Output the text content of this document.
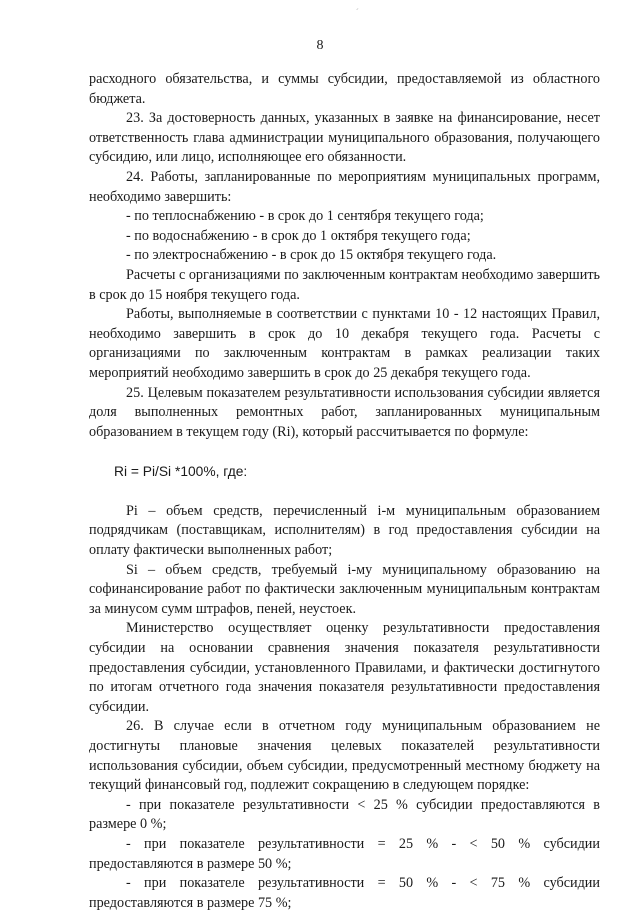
8
´

расходного обязательства, и суммы субсидии, предоставляемой из областного бюджета.

23. За достоверность данных, указанных в заявке на финансирование, несет ответственность глава администрации муниципального образования, получающего субсидию, или лицо, исполняющее его обязанности.

24. Работы, запланированные по мероприятиям муниципальных программ, необходимо завершить:

- по теплоснабжению - в срок до 1 сентября текущего года;

- по водоснабжению - в срок до 1 октября текущего года;

- по электроснабжению - в срок до 15 октября текущего года.

Расчеты с организациями по заключенным контрактам необходимо завершить в срок до 15 ноября текущего года.

Работы, выполняемые в соответствии с пунктами 10 - 12 настоящих Правил, необходимо завершить в срок до 10 декабря текущего года. Расчеты с организациями по заключенным контрактам в рамках реализации таких мероприятий необходимо завершить в срок до 25 декабря текущего года.

25. Целевым показателем результативности использования субсидии является доля выполненных ремонтных работ, запланированных муниципальным образованием в текущем году (Ri), который рассчитывается по формуле:

Ri = Pi/Si *100%, где:

Pi – объем средств, перечисленный i-м муниципальным образованием подрядчикам (поставщикам, исполнителям) в год предоставления субсидии на оплату фактически выполненных работ;

Si – объем средств, требуемый i-му муниципальному образованию на софинансирование работ по фактически заключенным муниципальным контрактам за минусом сумм штрафов, пеней, неустоек.

Министерство осуществляет оценку результативности предоставления субсидии на основании сравнения значения показателя результативности предоставления субсидии, установленного Правилами, и фактически достигнутого по итогам отчетного года значения показателя результативности предоставления субсидии.

26. В случае если в отчетном году муниципальным образованием не достигнуты плановые значения целевых показателей результативности использования субсидии, объем субсидии, предусмотренный местному бюджету на текущий финансовый год, подлежит сокращению в следующем порядке:

- при показателе результативности < 25 % субсидии предоставляются в размере 0 %;

- при показателе результативности = 25 % - < 50 % субсидии предоставляются в размере 50 %;

- при показателе результативности = 50 % - < 75 % субсидии предоставляются в размере 75 %;
